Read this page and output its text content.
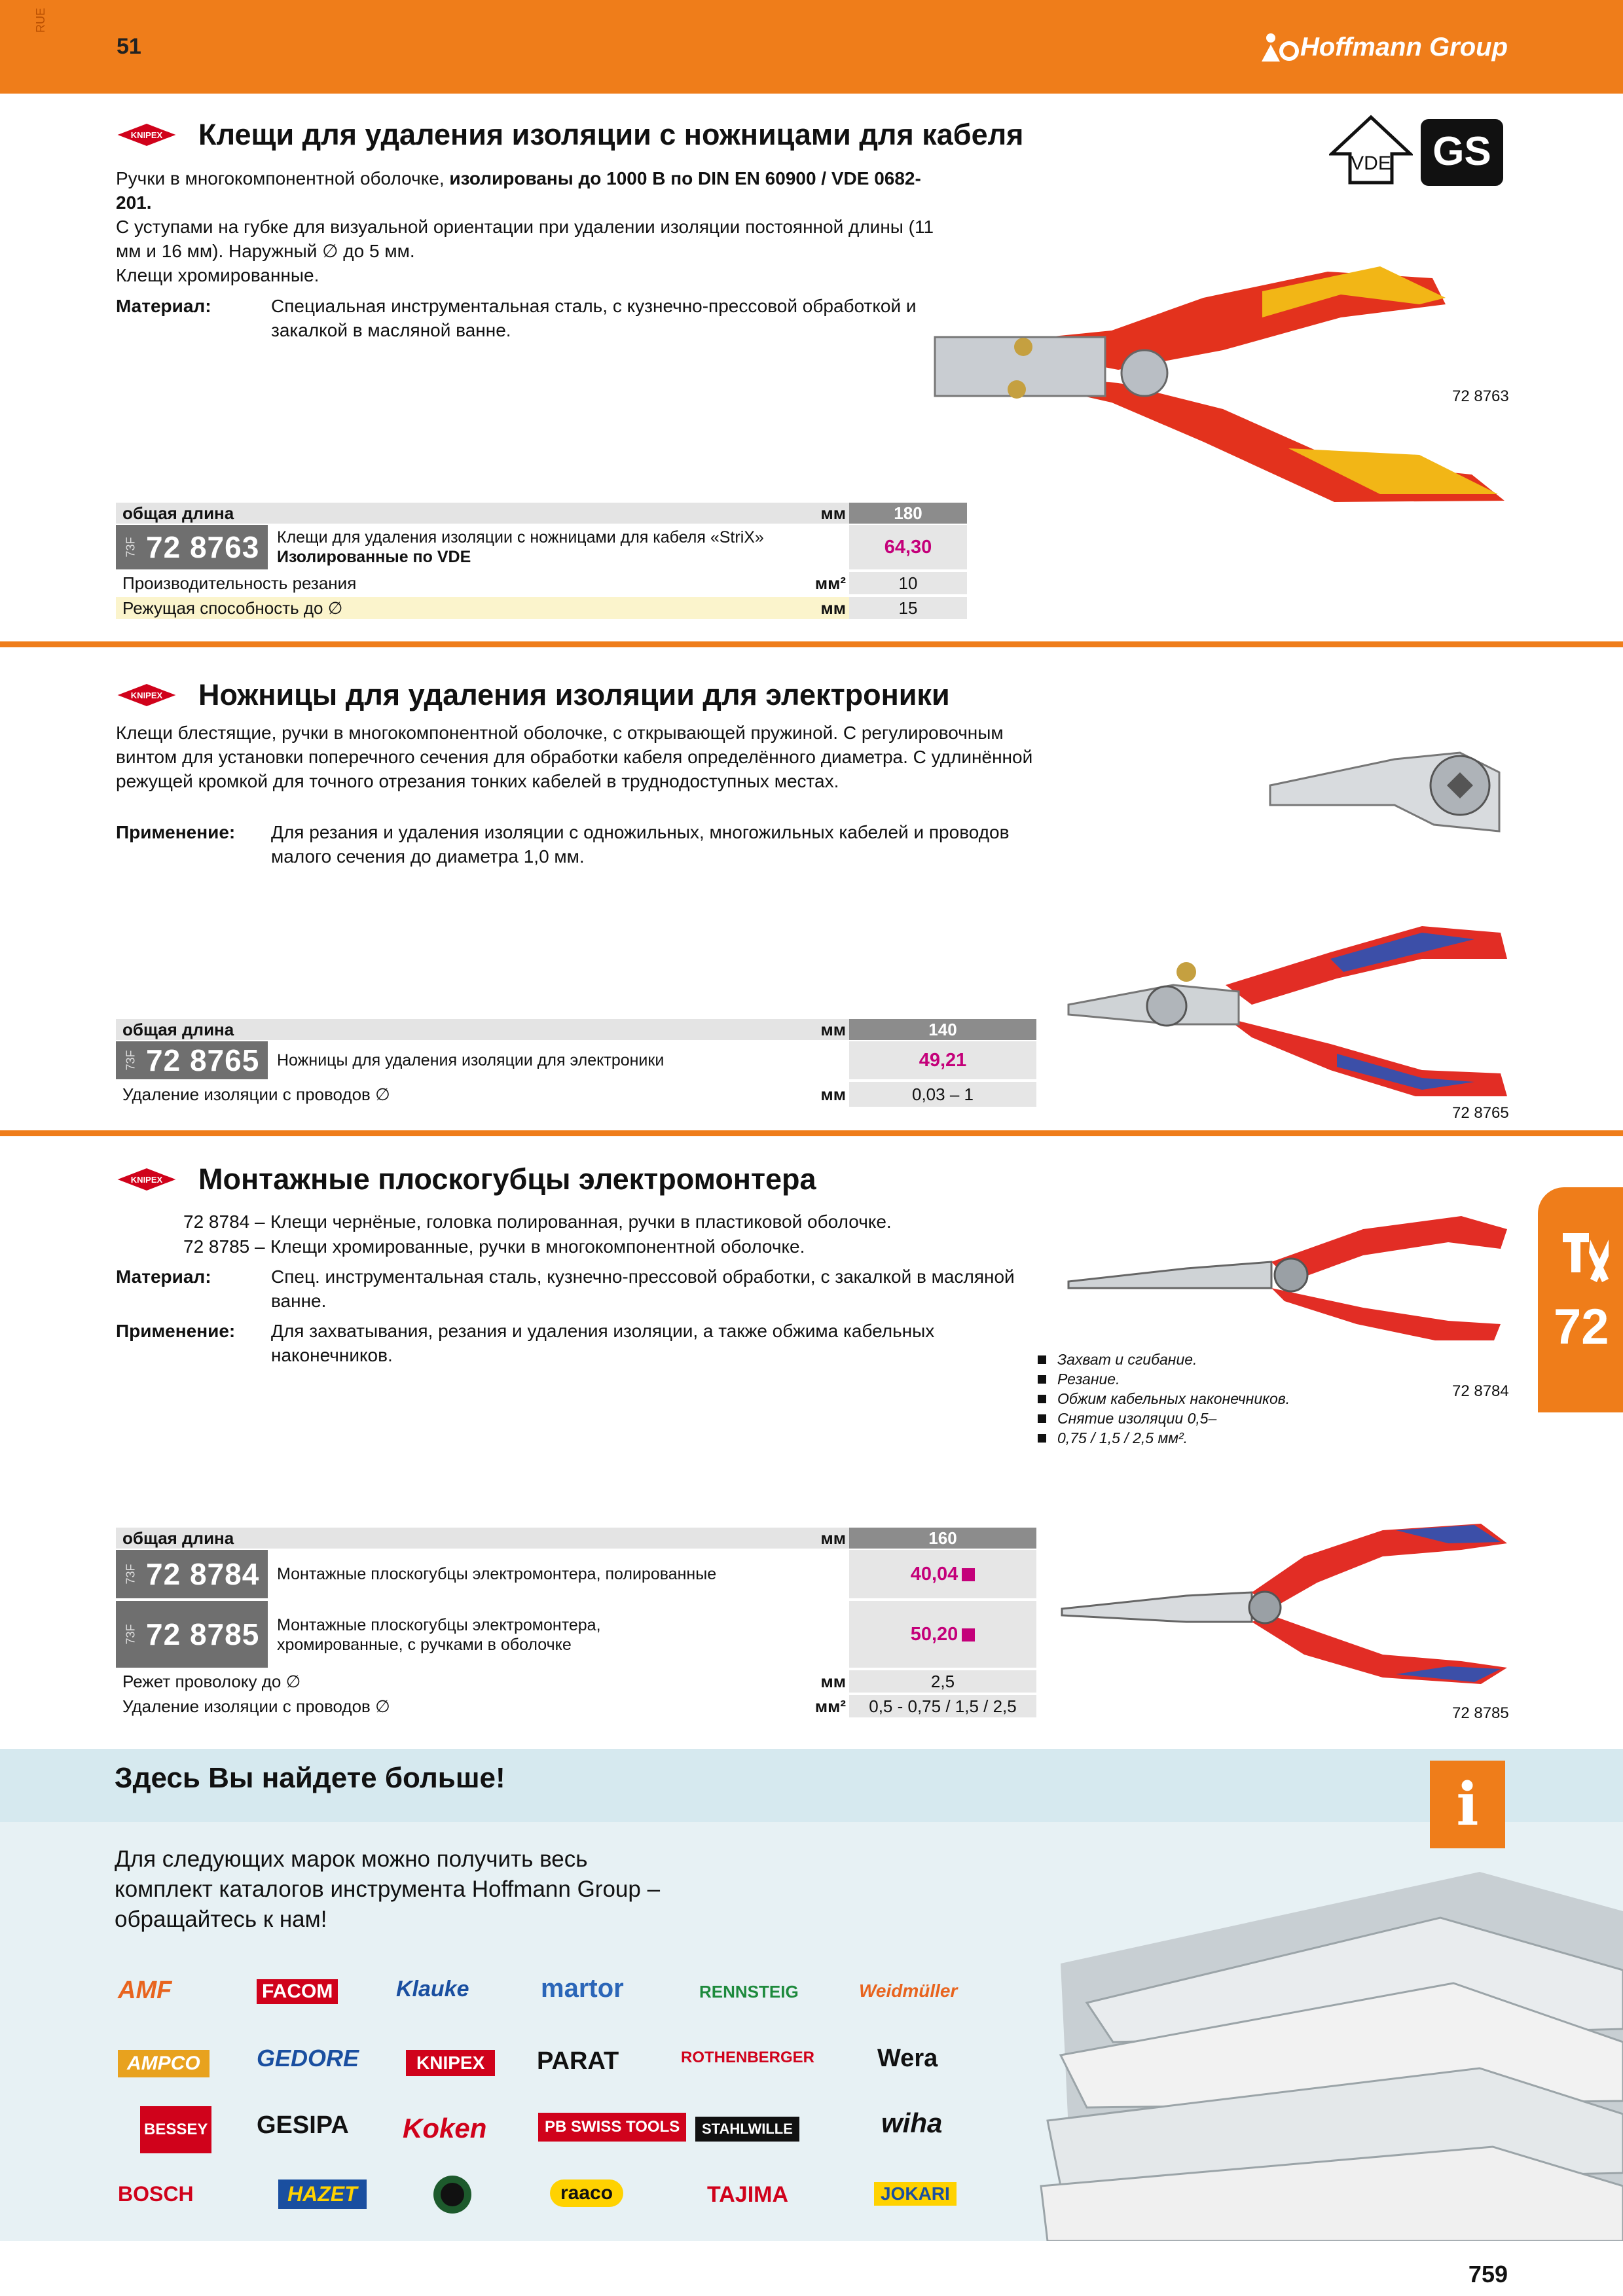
RUE
51	Hoffmann Group
KNIPEX Клещи для удаления изоляции с ножницами для кабеля
Ручки в многокомпонентной оболочке, изолированы до 1000 В по DIN EN 60900 / VDE 0682-201.
С уступами на губке для визуальной ориентации при удалении изоляции постоянной длины (11 мм и 16 мм). Наружный ∅ до 5 мм.
Клещи хромированные.
Материал:	Специальная инструментальная сталь, с кузнечно-прессовой обработкой и закалкой в масляной ванне.
VDE GS
72 8763
общая длина	мм	180
73F 72 8763 Клещи для удаления изоляции с ножницами для кабеля «StriX»
Изолированные по VDE	64,30
Производительность резания	мм²	10
Режущая способность до ∅	мм	15
KNIPEX Ножницы для удаления изоляции для электроники
Клещи блестящие, ручки в многокомпонентной оболочке, с открывающей пружиной. С регулировочным винтом для установки поперечного сечения для обработки кабеля определённого диаметра. С удлинённой режущей кромкой для точного отрезания тонких кабелей в труднодоступных местах.
Применение:	Для резания и удаления изоляции с одножильных, многожильных кабелей и проводов малого сечения до диаметра 1,0 мм.
72 8765
общая длина	мм	140
73F 72 8765 Ножницы для удаления изоляции для электроники	49,21
Удаление изоляции с проводов ∅	мм	0,03 – 1
KNIPEX Монтажные плоскогубцы электромонтера
72 8784 – Клещи чернёные, головка полированная, ручки в пластиковой оболочке.
72 8785 – Клещи хромированные, ручки в многокомпонентной оболочке.
Материал:	Спец. инструментальная сталь, кузнечно-прессовой обработки, с закалкой в масляной ванне.
Применение:	Для захватывания, резания и удаления изоляции, а также обжима кабельных наконечников.	Захват и сгибание.
Резание.
Обжим кабельных наконечников.
Снятие изоляции 0,5–
0,75 / 1,5 / 2,5 мм².
72 8784
72
72 8785
общая длина	мм	160
73F 72 8784 Монтажные плоскогубцы электромонтера, полированные	40,04
73F 72 8785 Монтажные плоскогубцы электромонтера, хромированные, с ручками в оболочке	50,20
Режет проволоку до ∅	мм	2,5
Удаление изоляции с проводов ∅	мм²	0,5 - 0,75 / 1,5 / 2,5
Здесь Вы найдете больше!	i
Для следующих марок можно получить весь
комплект каталогов инструмента Hoffmann Group –
обращайтесь к нам!
AMF	FACOM	Klauke	martor	RENNSTEIG	Weidmüller
AMPCO	GEDORE	KNIPEX	PARAT	ROTHENBERGER	Wera
BESSEY GESIPA Koken	PB SWISS TOOLS	STAHLWILLE	wiha
BOSCH	HAZET	raaco	TAJIMA	JOKARI
759
